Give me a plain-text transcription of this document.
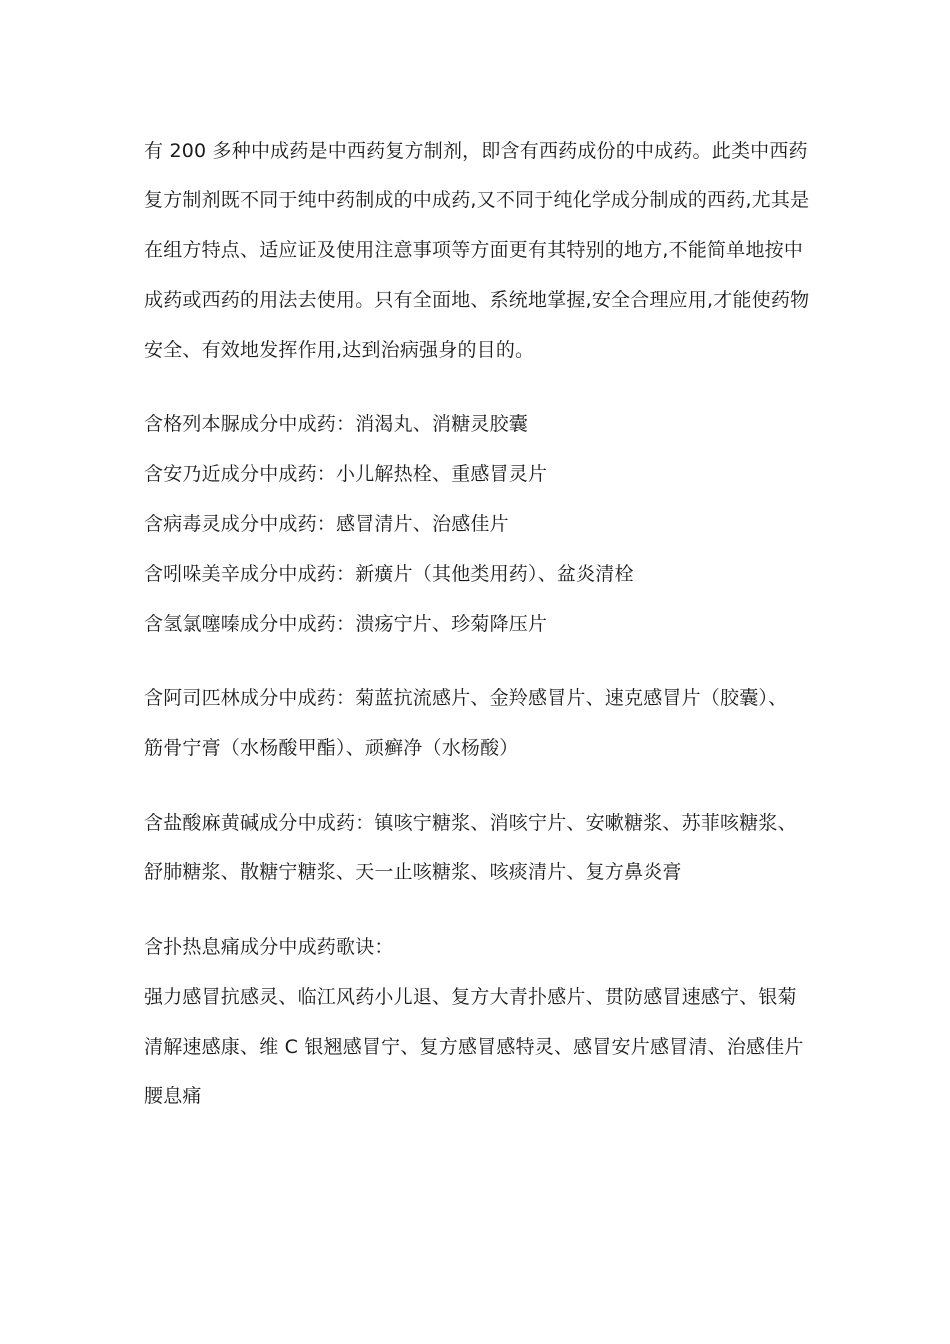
有 200 多种中成药是中西药复方制剂，即含有西药成份的中成药。此类中西药
复方制剂既不同于纯中药制成的中成药,又不同于纯化学成分制成的西药,尤其是
在组方特点、适应证及使用注意事项等方面更有其特别的地方,不能简单地按中
成药或西药的用法去使用。只有全面地、系统地掌握,安全合理应用,才能使药物
安全、有效地发挥作用,达到治病强身的目的。
含格列本脲成分中成药：消渴丸、消糖灵胶囊
含安乃近成分中成药：小儿解热栓、重感冒灵片
含病毒灵成分中成药：感冒清片、治感佳片
含吲哚美辛成分中成药：新癀片（其他类用药）、盆炎清栓
含氢氯噻嗪成分中成药：溃疡宁片、珍菊降压片
含阿司匹林成分中成药：菊蓝抗流感片、金羚感冒片、速克感冒片（胶囊）、
筋骨宁膏（水杨酸甲酯）、顽癣净（水杨酸）
含盐酸麻黄碱成分中成药：镇咳宁糖浆、消咳宁片、安嗽糖浆、苏菲咳糖浆、
舒肺糖浆、散糖宁糖浆、天一止咳糖浆、咳痰清片、复方鼻炎膏
含扑热息痛成分中成药歌诀：
强力感冒抗感灵、临江风药小儿退、复方大青扑感片、贯防感冒速感宁、银菊
清解速感康、维 C 银翘感冒宁、复方感冒感特灵、感冒安片感冒清、治感佳片
腰息痛
